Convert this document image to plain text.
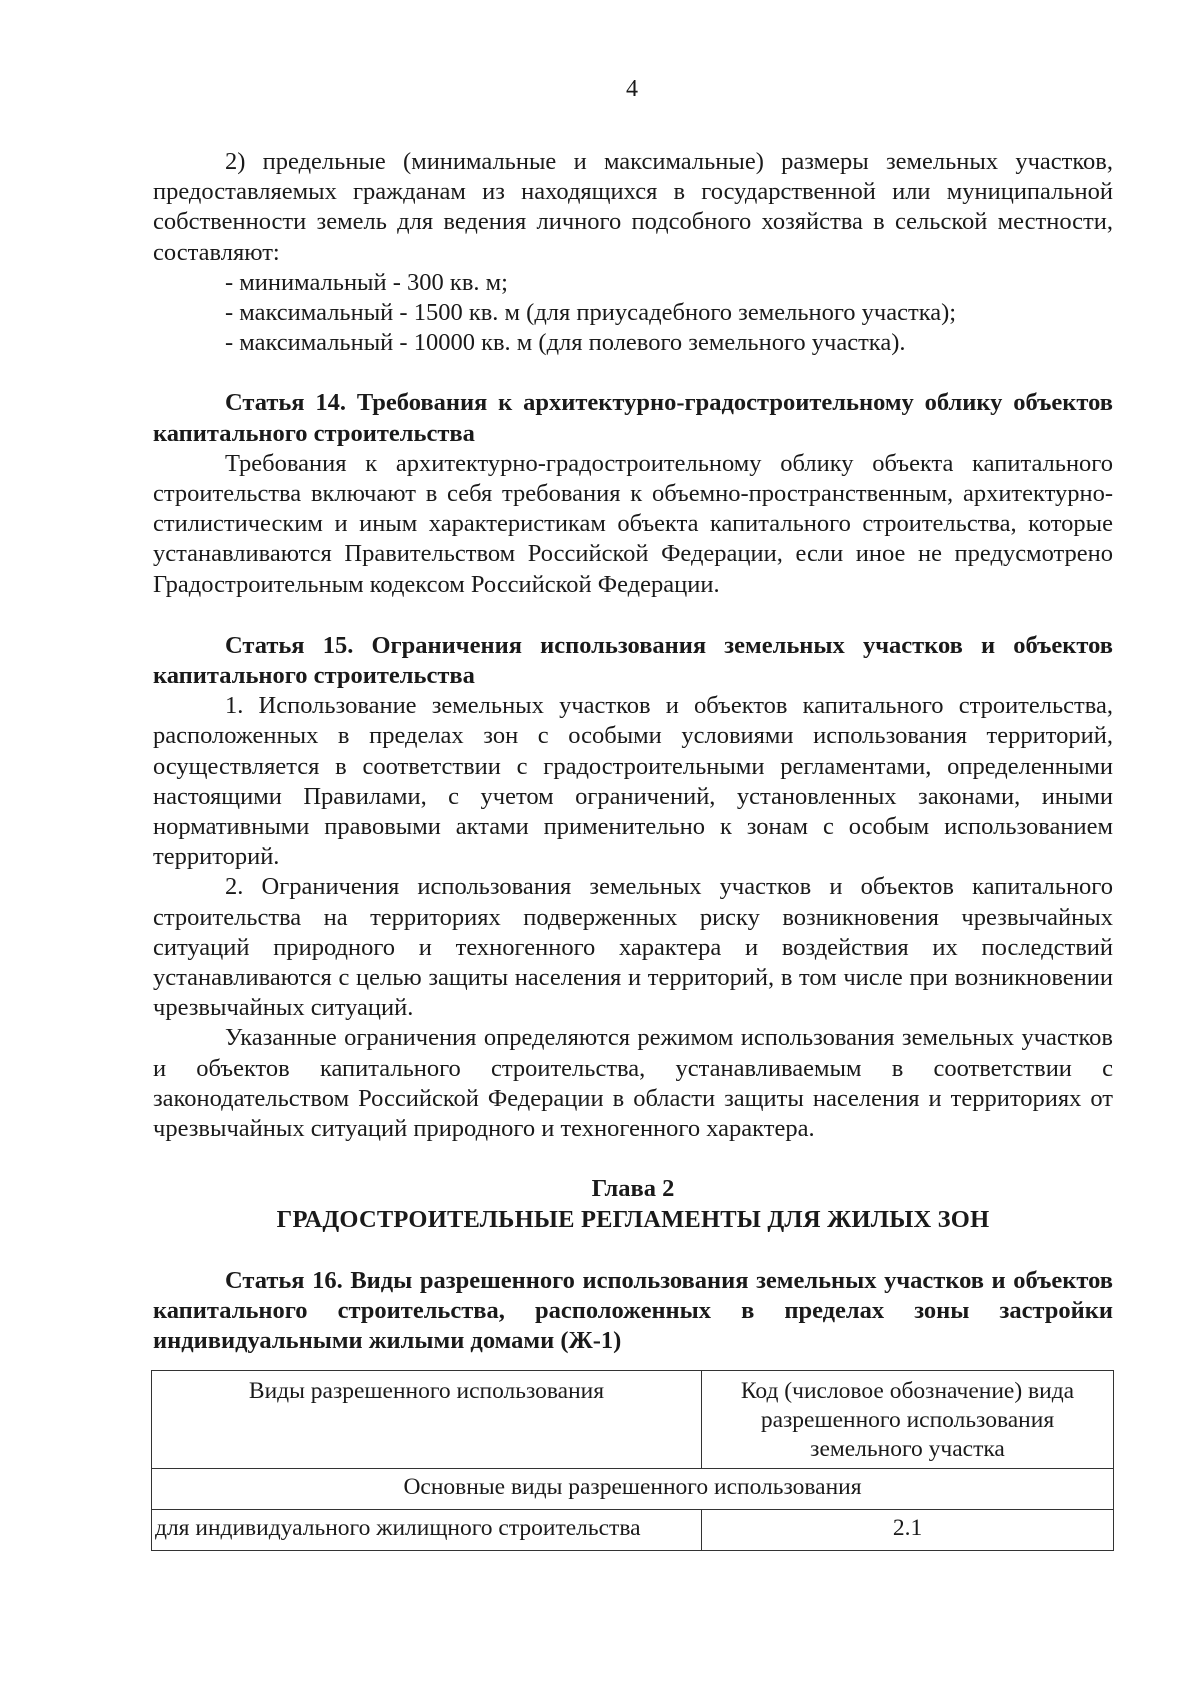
4

2) предельные (минимальные и максимальные) размеры земельных участков, предоставляемых гражданам из находящихся в государственной или муниципальной собственности земель для ведения личного подсобного хозяйства в сельской местности, составляют:

- минимальный - 300 кв. м;

- максимальный - 1500 кв. м (для приусадебного земельного участка);

- максимальный - 10000 кв. м (для полевого земельного участка).

Статья 14. Требования к архитектурно-градостроительному облику объектов капитального строительства

Требования к архитектурно-градостроительному облику объекта капитального строительства включают в себя требования к объемно-пространственным, архитектурно-стилистическим и иным характеристикам объекта капитального строительства, которые устанавливаются Правительством Российской Федерации, если иное не предусмотрено Градостроительным кодексом Российской Федерации.

Статья 15. Ограничения использования земельных участков и объектов капитального строительства

1. Использование земельных участков и объектов капитального строительства, расположенных в пределах зон с особыми условиями использования территорий, осуществляется в соответствии с градостроительными регламентами, определенными настоящими Правилами, с учетом ограничений, установленных законами, иными нормативными правовыми актами применительно к зонам с особым использованием территорий.

2. Ограничения использования земельных участков и объектов капитального строительства на территориях подверженных риску возникновения чрезвычайных ситуаций природного и техногенного характера и воздействия их последствий устанавливаются с целью защиты населения и территорий, в том числе при возникновении чрезвычайных ситуаций.

Указанные ограничения определяются режимом использования земельных участков и объектов капитального строительства, устанавливаемым в соответствии с законодательством Российской Федерации в области защиты населения и территориях от чрезвычайных ситуаций природного и техногенного характера.

Глава 2

ГРАДОСТРОИТЕЛЬНЫЕ РЕГЛАМЕНТЫ ДЛЯ ЖИЛЫХ ЗОН

Статья 16. Виды разрешенного использования земельных участков и объектов капитального строительства, расположенных в пределах зоны застройки индивидуальными жилыми домами (Ж-1)

Виды разрешенного использования	Код (числовое обозначение) вида разрешенного использования земельного участка
Основные виды разрешенного использования	
для индивидуального жилищного строительства	2.1
